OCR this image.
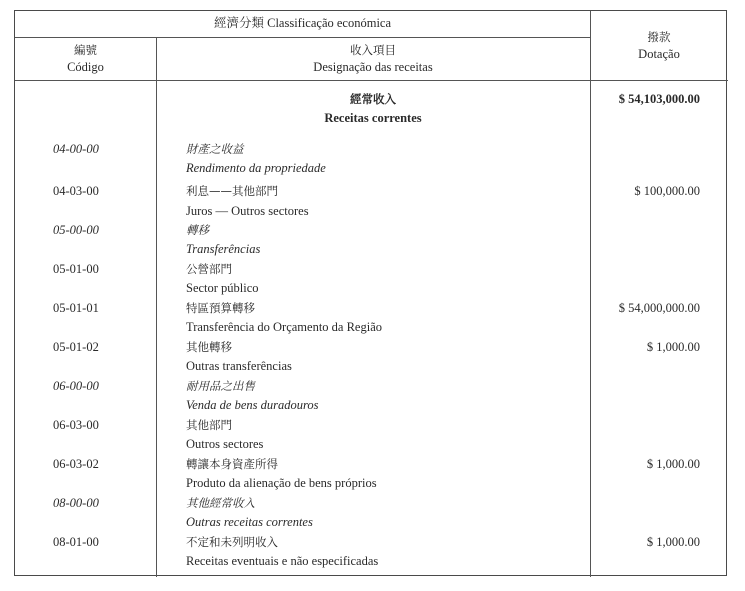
經濟分類 Classificação económica
編號
Código
收入項目
Designação das receitas
撥款
Dotação
經常收入
Receitas correntes
$ 54,103,000.00
04-00-00	財產之收益
Rendimento da propriedade
04-03-00	利息——其他部門
Juros — Outros sectores
$ 100,000.00
05-00-00	轉移
Transferências
05-01-00	公營部門
Sector público
05-01-01	特區預算轉移
Transferência do Orçamento da Região
$ 54,000,000.00
05-01-02	其他轉移
Outras transferências
$ 1,000.00
06-00-00	耐用品之出售
Venda de bens duradouros
06-03-00	其他部門
Outros sectores
06-03-02	轉讓本身資產所得
Produto da alienação de bens próprios
$ 1,000.00
08-00-00	其他經常收入
Outras receitas correntes
08-01-00	不定和未列明收入
Receitas eventuais e não especificadas
$ 1,000.00
